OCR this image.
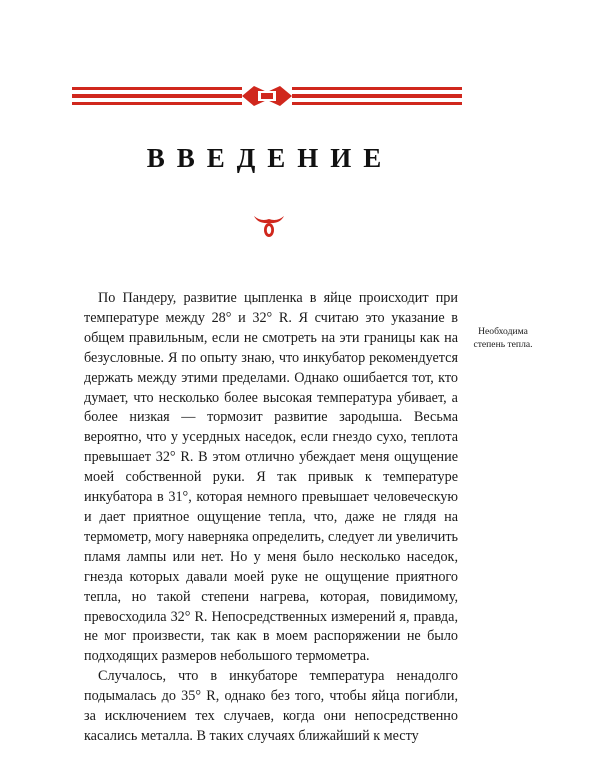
ВВЕДЕНИЕ

По Пандеру, развитие цыпленка в яйце происходит при температуре между 28° и 32° R. Я считаю это указание в общем правильным, если не смотреть на эти границы как на безусловные. Я по опыту знаю, что инкубатор рекомендуется держать между этими пределами. Однако ошибается тот, кто думает, что несколько более высокая температура убивает, а более низкая — тормозит развитие зародыша. Весьма вероятно, что у усердных наседок, если гнездо сухо, теплота превышает 32° R. В этом отлично убеждает меня ощущение моей собственной руки. Я так привык к температуре инкубатора в 31°, которая немного превышает человеческую и дает приятное ощущение тепла, что, даже не глядя на термометр, могу наверняка определить, следует ли увеличить пламя лампы или нет. Но у меня было несколько наседок, гнезда которых давали моей руке не ощущение приятного тепла, но такой степени нагрева, которая, повидимому, превосходила 32° R. Непосредственных измерений я, правда, не мог произвести, так как в моем распоряжении не было подходящих размеров небольшого термометра.

Случалось, что в инкубаторе температура ненадолго подымалась до 35° R, однако без того, чтобы яйца погибли, за исключением тех случаев, когда они непосредственно касались металла. В таких случаях ближайший к месту

Необходима
степень тепла.
